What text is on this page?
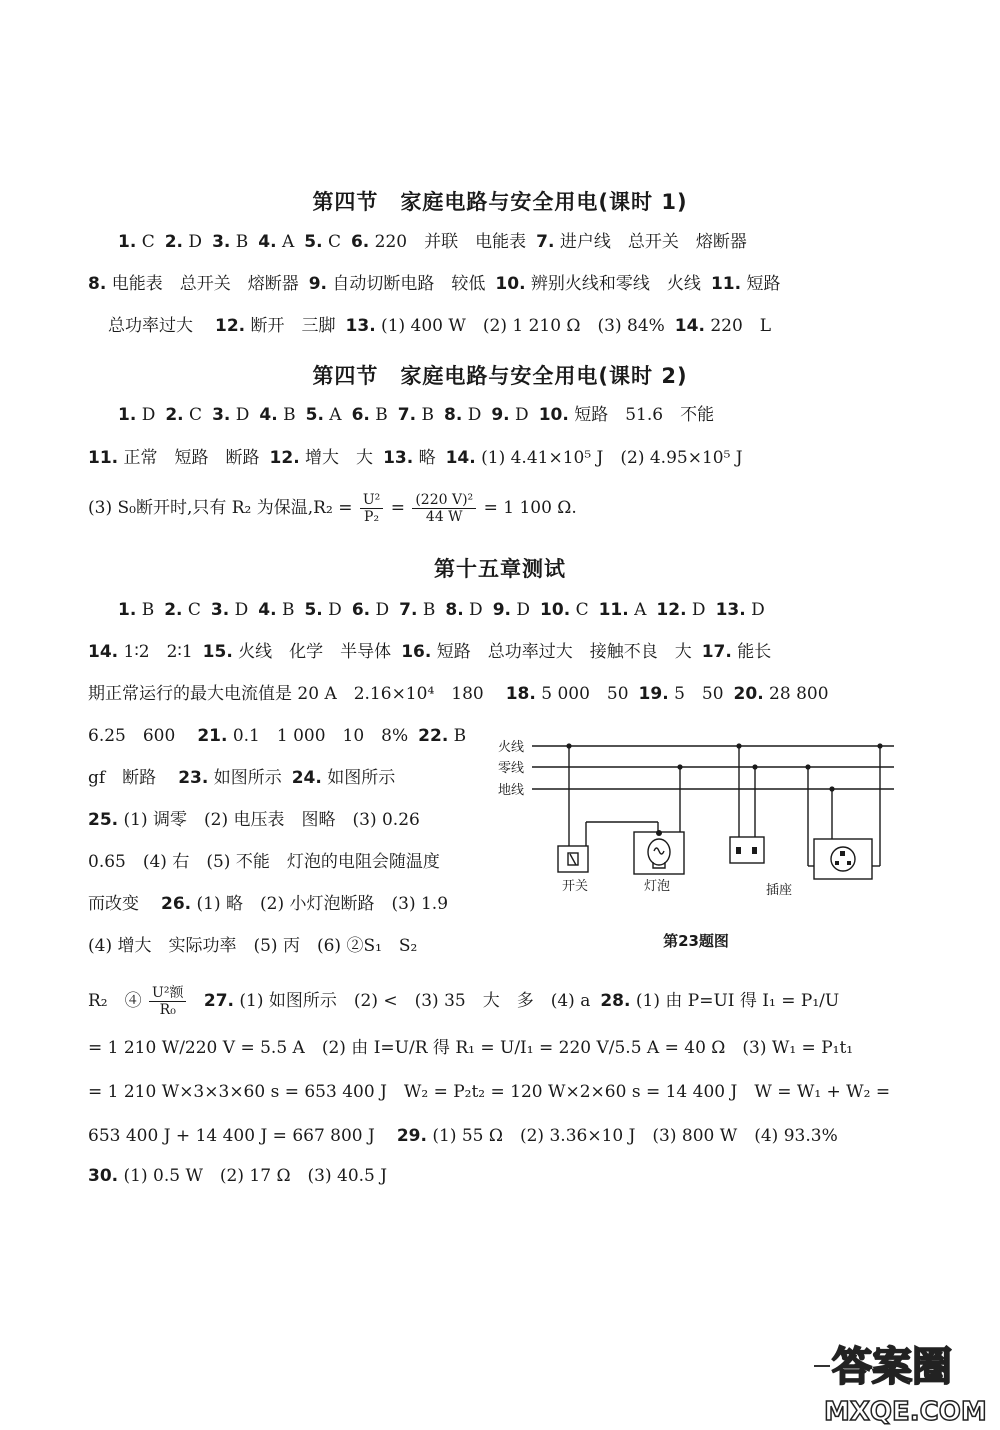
第四节　家庭电路与安全用电(课时 1)
1. C 2. D 3. B 4. A 5. C 6. 220　并联　电能表 7. 进户线　总开关　熔断器
8. 电能表　总开关　熔断器 9. 自动切断电路　较低 10. 辨别火线和零线　火线 11. 短路
总功率过大 12. 断开　三脚 13. (1) 400 W　(2) 1 210 Ω　(3) 84% 14. 220　L
第四节　家庭电路与安全用电(课时 2)
1. D 2. C 3. D 4. B 5. A 6. B 7. B 8. D 9. D 10. 短路　51.6　不能
11. 正常　短路　断路 12. 增大　大 13. 略 14. (1) 4.41×10⁵ J　(2) 4.95×10⁵ J
(3) S₀断开时,只有 R₂ 为保温$,R_2 = \frac{\text{U²}}{\text{P₂}} = \frac{\text{(220 V)²}}{44 W} = 1$ 100 Ω.
第十五章测试
1. B 2. C 3. D 4. B 5. D 6. D 7. B 8. D 9. D 10. C 11. A 12. D 13. D
14. 1∶2　2∶1 15. 火线　化学　半导体 16. 短路　总功率过大　接触不良　大 17. 能长
期正常运行的最大电流值是 20 A　2.16×10⁴　180 18. 5 000　50 19. 5　50 20. 28 800
6.25　600 21. 0.1　1 000　10　8% 22. B
gf　断路 23. 如图所示 24. 如图所示
25. (1) 调零　(2) 电压表　图略　(3) 0.26
0.65　(4) 右　(5) 不能　灯泡的电阻会随温度
而改变 26. (1) 略　(2) 小灯泡断路　(3) 1.9
(4) 增大　实际功率　(5) 丙　(6) ②S₁　S₂
R₂　④ $\frac{\text{U²额}}{\text{R₀}} 27$. (1) 如图所示　(2) <　(3) 35　大　多　(4) a 28. (1) 由 P=UI 得 I₁ = P₁/U
= 1 210 W/220 V = 5.5 A　(2) 由 I=U/R 得 R₁ = U/I₁ = 220 V/5.5 A = 40 Ω　(3) W₁ = P₁t₁
= 1 210 W×3×3×60 s = 653 400 J　W₂ = P₂t₂ = 120 W×2×60 s = 14 400 J　W = W₁ + W₂ =
653 400 J + 14 400 J = 667 800 J 29. (1) 55 Ω　(2) 3.36×10 J　(3) 800 W　(4) 93.3%
30. (1) 0.5 W　(2) 17 Ω　(3) 40.5 J
火线
零线
地线
开关	灯泡	插座
第23题图
答案圈
MXQE.COM
